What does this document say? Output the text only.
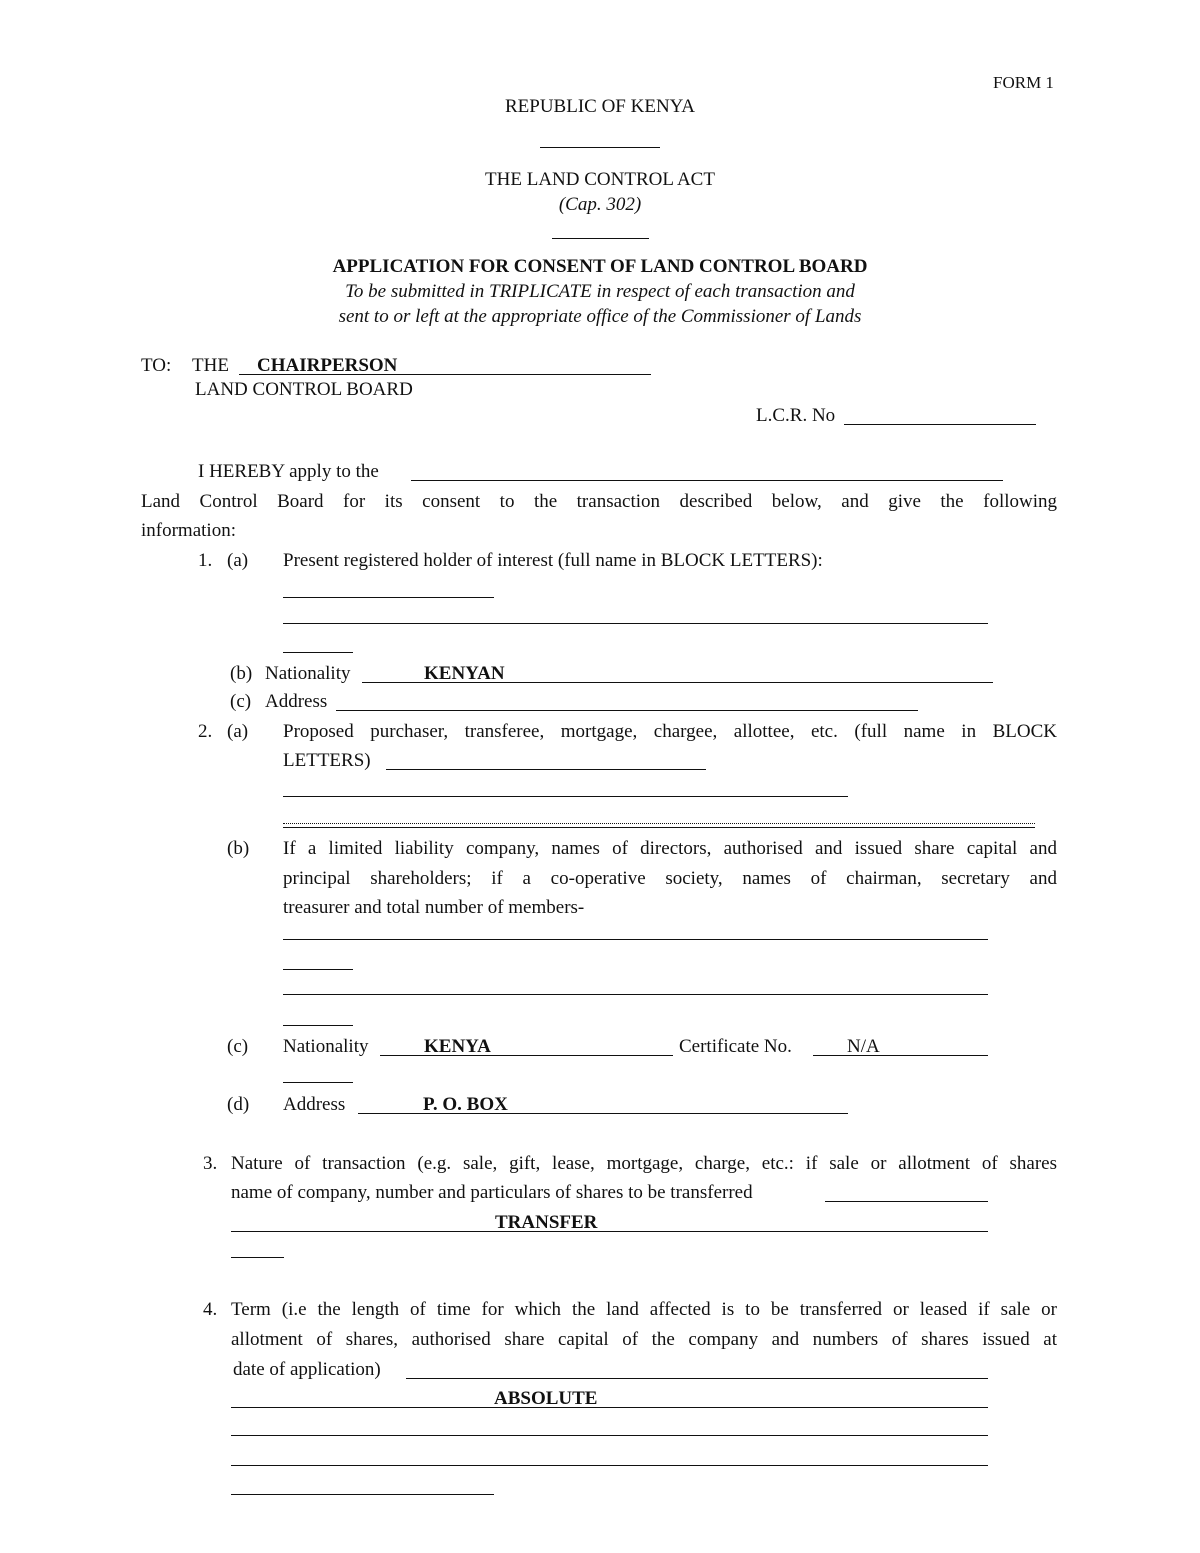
FORM 1
REPUBLIC OF KENYA
THE LAND CONTROL ACT
(Cap. 302)
APPLICATION FOR CONSENT OF LAND CONTROL BOARD
To be submitted in TRIPLICATE in respect of each transaction and
sent to or left at the appropriate office of the Commissioner of Lands
TO: THE CHAIRPERSON
LAND CONTROL BOARD
L.C.R. No
I HEREBY apply to the
Land Control Board for its consent to the transaction described below, and give the following
information:
1. (a) Present registered holder of interest (full name in BLOCK LETTERS):
(b) Nationality	KENYAN
(c) Address
2. (a) Proposed purchaser, transferee, mortgage, chargee, allottee, etc. (full name in BLOCK
LETTERS)
(b) If a limited liability company, names of directors, authorised and issued share capital and
principal shareholders; if a co-operative society, names of chairman, secretary and
treasurer and total number of members-
(c) Nationality	KENYA	Certificate No.	N/A
(d) Address	P. O. BOX
3. Nature of transaction (e.g. sale, gift, lease, mortgage, charge, etc.: if sale or allotment of shares
name of company, number and particulars of shares to be transferred
TRANSFER
4. Term (i.e the length of time for which the land affected is to be transferred or leased if sale or
allotment of shares, authorised share capital of the company and numbers of shares issued at
date of application)
ABSOLUTE
